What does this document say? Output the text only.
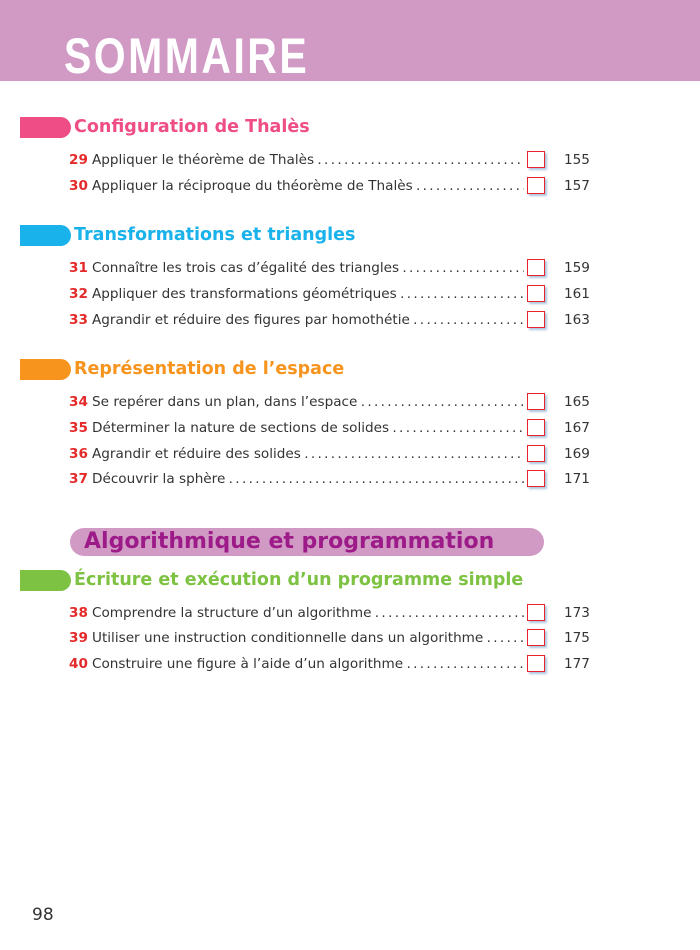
SOMMAIRE
Configuration de Thalès
29 Appliquer le théorème de Thalès . . .	155
30 Appliquer la réciproque du théorème de Thalès . . .	157
Transformations et triangles
31 Connaître les trois cas d’égalité des triangles . . .	159
32 Appliquer des transformations géométriques . . .	161
33 Agrandir et réduire des figures par homothétie . . .	163
Représentation de l’espace
34 Se repérer dans un plan, dans l’espace . . .	165
35 Déterminer la nature de sections de solides . . .	167
36 Agrandir et réduire des solides . . .	169
37 Découvrir la sphère . . .	171
Écriture et exécution d’un programme simple
38 Comprendre la structure d’un algorithme . . .	173
39 Utiliser une instruction conditionnelle dans un algorithme . . .	175
40 Construire une figure à l’aide d’un algorithme . . .	177
Algorithmique et programmation
98
